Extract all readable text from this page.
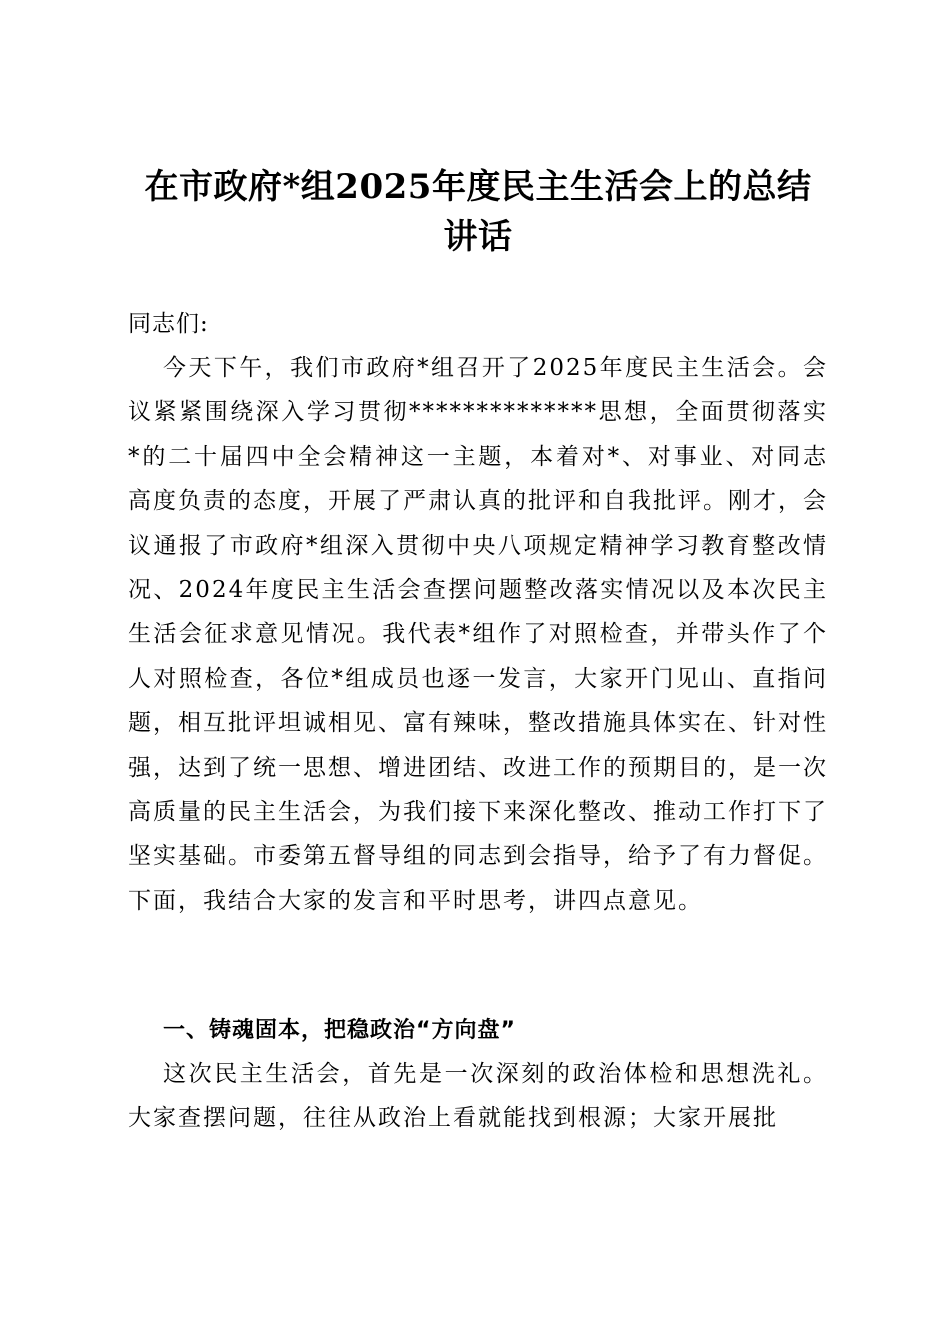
在市政府*组2025年度民主生活会上的总结讲话
同志们:
今天下午，我们市政府*组召开了2025年度民主生活会。会议紧紧围绕深入学习贯彻**************思想，全面贯彻落实*的二十届四中全会精神这一主题，本着对*、对事业、对同志高度负责的态度，开展了严肃认真的批评和自我批评。刚才，会议通报了市政府*组深入贯彻中央八项规定精神学习教育整改情况、2024年度民主生活会查摆问题整改落实情况以及本次民主生活会征求意见情况。我代表*组作了对照检查，并带头作了个人对照检查，各位*组成员也逐一发言，大家开门见山、直指问题，相互批评坦诚相见、富有辣味，整改措施具体实在、针对性强，达到了统一思想、增进团结、改进工作的预期目的，是一次高质量的民主生活会，为我们接下来深化整改、推动工作打下了坚实基础。市委第五督导组的同志到会指导，给予了有力督促。下面，我结合大家的发言和平时思考，讲四点意见。
一、铸魂固本，把稳政治“方向盘”
这次民主生活会，首先是一次深刻的政治体检和思想洗礼。大家查摆问题，往往从政治上看就能找到根源；大家开展批
